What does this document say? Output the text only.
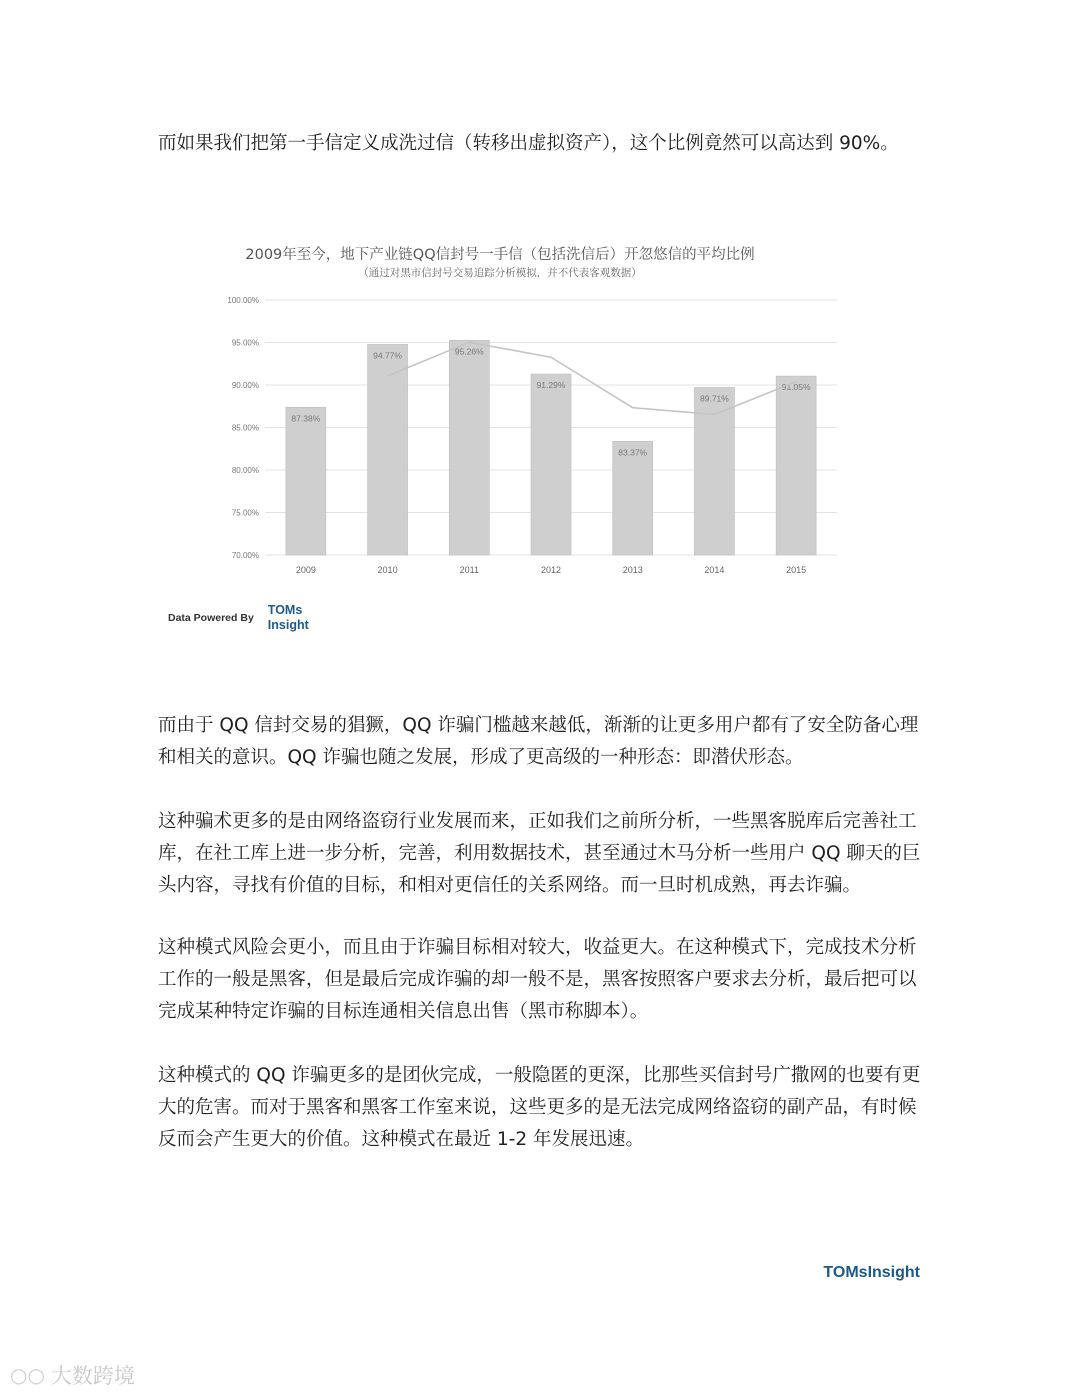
而如果我们把第一手信定义成洗过信（转移出虚拟资产），这个比例竟然可以高达到 90%。

2009年至今，地下产业链QQ信封号一手信（包括洗信后）开忽悠信的平均比例
（通过对黑市信封号交易追踪分析模拟，并不代表客观数据）
70.00%
75.00%
80.00%
85.00%
90.00%
95.00%
100.00%
87.38%
2009
94.77%
2010
95.26%
2011
91.29%
2012
83.37%
2013
89.71%
2014
91.05%
2015
Data Powered By
TOMs
Insight

而由于 QQ 信封交易的猖獗，QQ 诈骗门槛越来越低，渐渐的让更多用户都有了安全防备心理和相关的意识。QQ 诈骗也随之发展，形成了更高级的一种形态：即潜伏形态。

这种骗术更多的是由网络盗窃行业发展而来，正如我们之前所分析，一些黑客脱库后完善社工库，在社工库上进一步分析，完善，利用数据技术，甚至通过木马分析一些用户 QQ 聊天的巨头内容，寻找有价值的目标，和相对更信任的关系网络。而一旦时机成熟，再去诈骗。

这种模式风险会更小，而且由于诈骗目标相对较大，收益更大。在这种模式下，完成技术分析工作的一般是黑客，但是最后完成诈骗的却一般不是，黑客按照客户要求去分析，最后把可以完成某种特定诈骗的目标连通相关信息出售（黑市称脚本）。

这种模式的 QQ 诈骗更多的是团伙完成，一般隐匿的更深，比那些买信封号广撒网的也要有更大的危害。而对于黑客和黑客工作室来说，这些更多的是无法完成网络盗窃的副产品，有时候反而会产生更大的价值。这种模式在最近 1-2 年发展迅速。

TOMsInsight
○○ 大数跨境
